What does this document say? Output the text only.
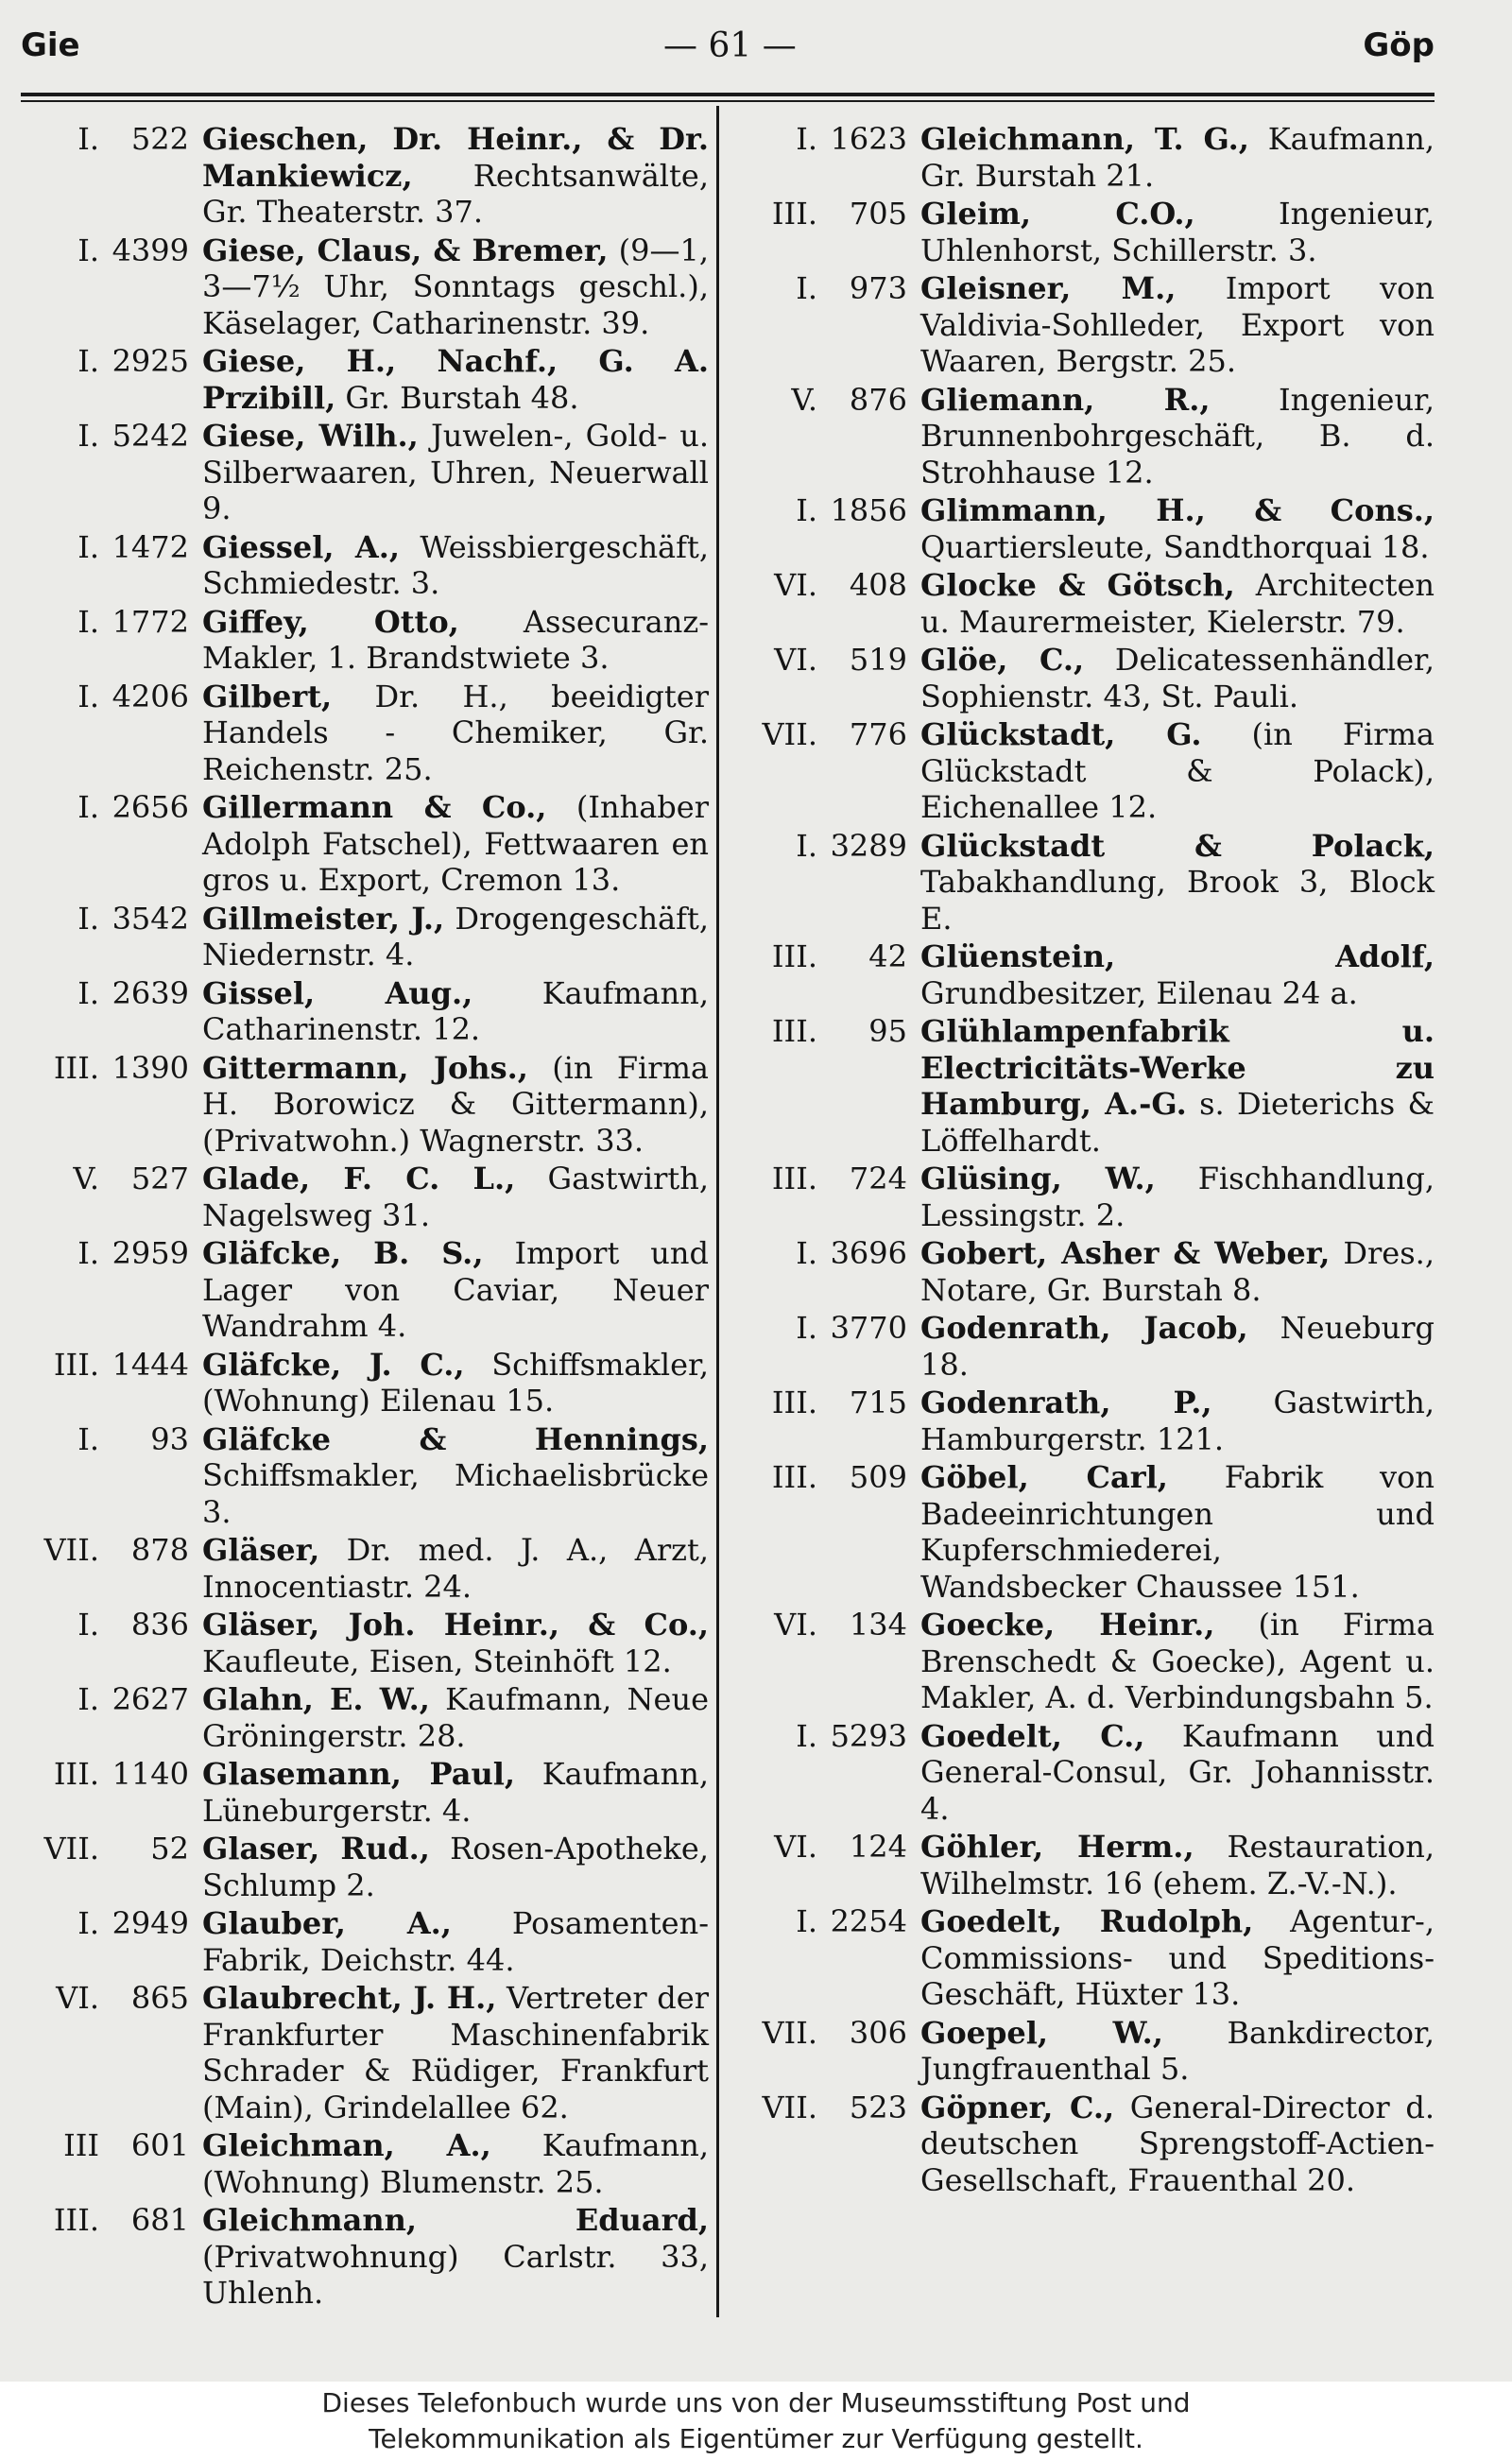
Gie	— 61 —	Göp
I.	522 Gieschen, Dr. Heinr., & Dr. Mankiewicz, Rechtsanwälte, Gr. Theaterstr. 37.
I. 4399 Giese, Claus, & Bremer, (9—1, 3—7½ Uhr, Sonntags geschl.), Käselager, Catharinenstr. 39.
I. 2925 Giese, H., Nachf., G. A. Przibill, Gr. Burstah 48.
I. 5242 Giese, Wilh., Juwelen-, Gold- u. Silberwaaren, Uhren, Neuerwall 9.
I. 1472 Giessel, A., Weissbiergeschäft, Schmiedestr. 3.
I. 1772 Giffey, Otto, Assecuranz-Makler, 1. Brandstwiete 3.
I. 4206 Gilbert, Dr. H., beeidigter Handels - Chemiker, Gr. Reichenstr. 25.
I. 2656 Gillermann & Co., (Inhaber Adolph Fatschel), Fettwaaren en gros u. Export, Cremon 13.
I. 3542 Gillmeister, J., Drogengeschäft, Niedernstr. 4.
I. 2639 Gissel, Aug., Kaufmann, Catharinenstr. 12.
III. 1390 Gittermann, Johs., (in Firma H. Borowicz & Gittermann), (Privatwohn.) Wagnerstr. 33.
V.	527 Glade, F. C. L., Gastwirth, Nagelsweg 31.
I. 2959 Gläfcke, B. S., Import und Lager von Caviar, Neuer Wandrahm 4.
III. 1444 Gläfcke, J. C., Schiffsmakler, (Wohnung) Eilenau 15.
I.	93 Gläfcke & Hennings, Schiffsmakler, Michaelisbrücke 3.
VII.	878 Gläser, Dr. med. J. A., Arzt, Innocentiastr. 24.
I.	836 Gläser, Joh. Heinr., & Co., Kaufleute, Eisen, Steinhöft 12.
I. 2627 Glahn, E. W., Kaufmann, Neue Gröningerstr. 28.
III. 1140 Glasemann, Paul, Kaufmann, Lüneburgerstr. 4.
VII.	52 Glaser, Rud., Rosen-Apotheke, Schlump 2.
I. 2949 Glauber, A., Posamenten-Fabrik, Deichstr. 44.
VI.	865 Glaubrecht, J. H., Vertreter der Frankfurter Maschinenfabrik Schrader & Rüdiger, Frankfurt (Main), Grindelallee 62.
III	601 Gleichman, A., Kaufmann, (Wohnung) Blumenstr. 25.
III.	681 Gleichmann, Eduard, (Privatwohnung) Carlstr. 33, Uhlenh.
I. 1623 Gleichmann, T. G., Kaufmann, Gr. Burstah 21.
III.	705 Gleim, C.O., Ingenieur, Uhlenhorst, Schillerstr. 3.
I.	973 Gleisner, M., Import von Valdivia-Sohlleder, Export von Waaren, Bergstr. 25.
V.	876 Gliemann, R., Ingenieur, Brunnenbohrgeschäft, B. d. Strohhause 12.
I. 1856 Glimmann, H., & Cons., Quartiersleute, Sandthorquai 18.
VI.	408 Glocke & Götsch, Architecten u. Maurermeister, Kielerstr. 79.
VI.	519 Glöe, C., Delicatessenhändler, Sophienstr. 43, St. Pauli.
VII.	776 Glückstadt, G. (in Firma Glückstadt & Polack), Eichenallee 12.
I. 3289 Glückstadt & Polack, Tabakhandlung, Brook 3, Block E.
III.	42 Glüenstein, Adolf, Grundbesitzer, Eilenau 24 a.
III.	95 Glühlampenfabrik u. Electricitäts-Werke zu Hamburg, A.-G. s. Dieterichs & Löffelhardt.
III.	724 Glüsing, W., Fischhandlung, Lessingstr. 2.
I. 3696 Gobert, Asher & Weber, Dres., Notare, Gr. Burstah 8.
I. 3770 Godenrath, Jacob, Neueburg 18.
III.	715 Godenrath, P., Gastwirth, Hamburgerstr. 121.
III.	509 Göbel, Carl, Fabrik von Badeeinrichtungen und Kupferschmiederei, Wandsbecker Chaussee 151.
VI.	134 Goecke, Heinr., (in Firma Brenschedt & Goecke), Agent u. Makler, A. d. Verbindungsbahn 5.
I. 5293 Goedelt, C., Kaufmann und General-Consul, Gr. Johannisstr. 4.
VI.	124 Göhler, Herm., Restauration, Wilhelmstr. 16 (ehem. Z.-V.-N.).
I. 2254 Goedelt, Rudolph, Agentur-, Commissions- und Speditions-Geschäft, Hüxter 13.
VII.	306 Goepel, W., Bankdirector, Jungfrauenthal 5.
VII.	523 Göpner, C., General-Director d. deutschen Sprengstoff-Actien-Gesellschaft, Frauenthal 20.
Dieses Telefonbuch wurde uns von der Museumsstiftung Post und
Telekommunikation als Eigentümer zur Verfügung gestellt.
